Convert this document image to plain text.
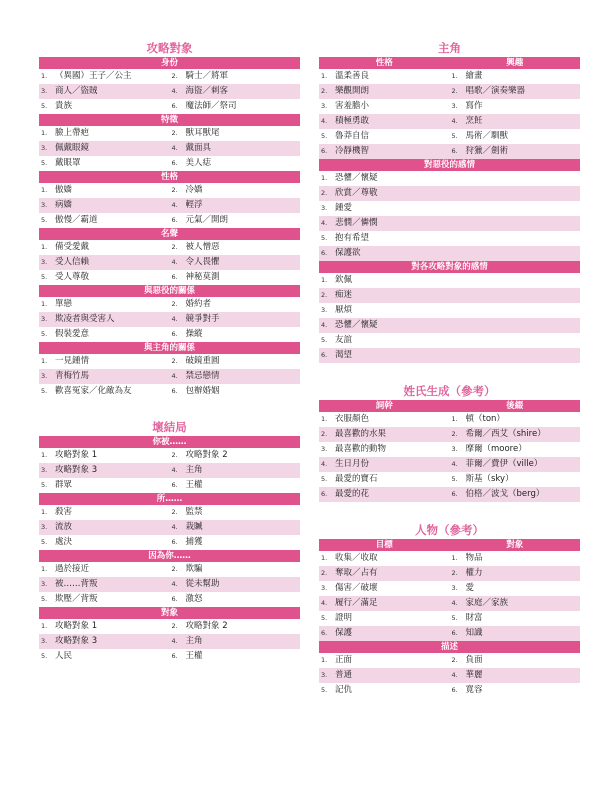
攻略對象
身份
1. （異國）王子／公主	2. 騎士／將軍
3. 商人／盜賊	4. 海盜／刺客
5. 貴族	6. 魔法師／祭司
特徵
1. 臉上帶疤	2. 獸耳獸尾
3. 佩戴眼鏡	4. 戴面具
5. 戴眼罩	6. 美人痣
性格
1. 傲嬌	2. 冷嬌
3. 病嬌	4. 輕浮
5. 傲慢／霸道	6. 元氣／開朗
名聲
1. 備受愛戴	2. 被人憎惡
3. 受人信賴	4. 令人畏懼
5. 受人尊敬	6. 神秘莫測
與惡役的關係
1. 單戀	2. 婚約者
3. 欺凌者與受害人	4. 競爭對手
5. 假裝愛意	6. 操縱
與主角的關係
1. 一見鍾情	2. 破鏡重圓
3. 青梅竹馬	4. 禁忌戀情
5. 歡喜冤家／化敵為友	6. 包辦婚姻
壞結局
你被……
1. 攻略對象 1	2. 攻略對象 2
3. 攻略對象 3	4. 主角
5. 群眾	6. 王權
所……
1. 殺害	2. 監禁
3. 流放	4. 栽贓
5. 處決	6. 捕獲
因為你……
1. 過於接近	2. 欺騙
3. 被……背叛	4. 從未幫助
5. 欺壓／背叛	6. 激怒
對象
1. 攻略對象 1	2. 攻略對象 2
3. 攻略對象 3	4. 主角
5. 人民	6. 王權
主角
性格	興趣
1. 溫柔善良	1. 繪畫
2. 樂觀開朗	2. 唱歌／演奏樂器
3. 害羞膽小	3. 寫作
4. 積極勇敢	4. 烹飪
5. 魯莽自信	5. 馬術／馴獸
6. 冷靜機智	6. 狩獵／劍術
對惡役的感情
1. 恐懼／懷疑
2. 欣賞／尊敬
3. 鍾愛
4. 悲憫／憐憫
5. 抱有希望
6. 保護欲
對各攻略對象的感情
1. 欽佩
2. 痴迷
3. 厭煩
4. 恐懼／懷疑
5. 友誼
6. 渴望
姓氏生成（參考）
詞幹	後綴
1. 衣服顏色	1. 頓（ton）
2. 最喜歡的水果	2. 希爾／西艾（shire）
3. 最喜歡的動物	3. 摩爾（moore）
4. 生日月份	4. 菲爾／費伊（ville）
5. 最愛的寶石	5. 斯基（sky）
6. 最愛的花	6. 伯格／波戈（berg）
人物（參考）
目標	對象
1. 收集／收取	1. 物品
2. 奪取／占有	2. 權力
3. 傷害／破壞	3. 愛
4. 履行／滿足	4. 家庭／家族
5. 證明	5. 財富
6. 保護	6. 知識
描述
1. 正面	2. 負面
3. 普通	4. 華麗
5. 記仇	6. 寬容
